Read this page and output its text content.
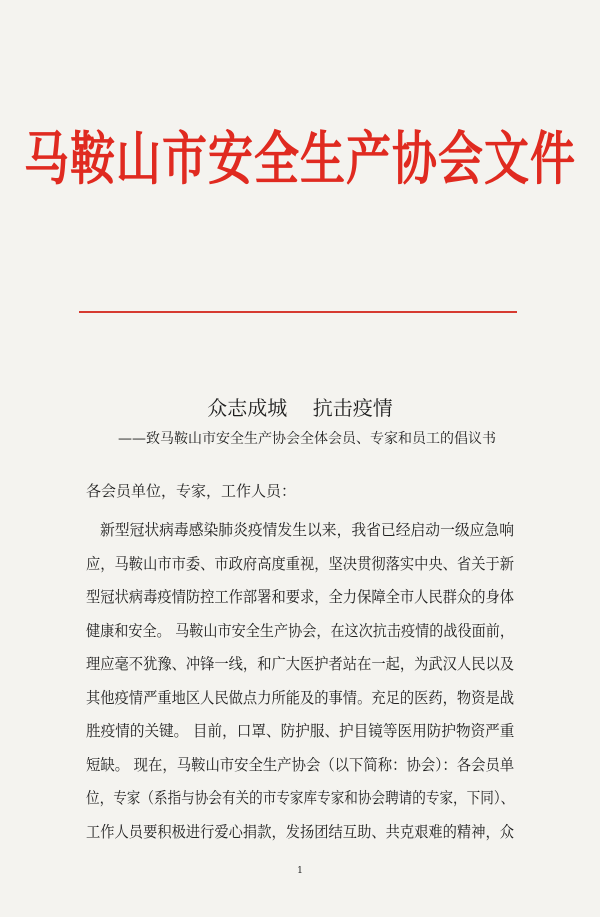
马鞍山市安全生产协会文件
众志成城    抗击疫情
——致马鞍山市安全生产协会全体会员、专家和员工的倡议书
各会员单位，专家，工作人员：
新型冠状病毒感染肺炎疫情发生以来，我省已经启动一级应急响
应，马鞍山市市委、市政府高度重视，坚决贯彻落实中央、省关于新
型冠状病毒疫情防控工作部署和要求，全力保障全市人民群众的身体
健康和安全。 马鞍山市安全生产协会，在这次抗击疫情的战役面前，
理应毫不犹豫、冲锋一线，和广大医护者站在一起，为武汉人民以及
其他疫情严重地区人民做点力所能及的事情。充足的医药，物资是战
胜疫情的关键。 目前，口罩、防护服、护目镜等医用防护物资严重
短缺。 现在，马鞍山市安全生产协会（以下简称：协会）：各会员单
位，专家（系指与协会有关的市专家库专家和协会聘请的专家，下同）、
工作人员要积极进行爱心捐款，发扬团结互助、共克艰难的精神，众
1
